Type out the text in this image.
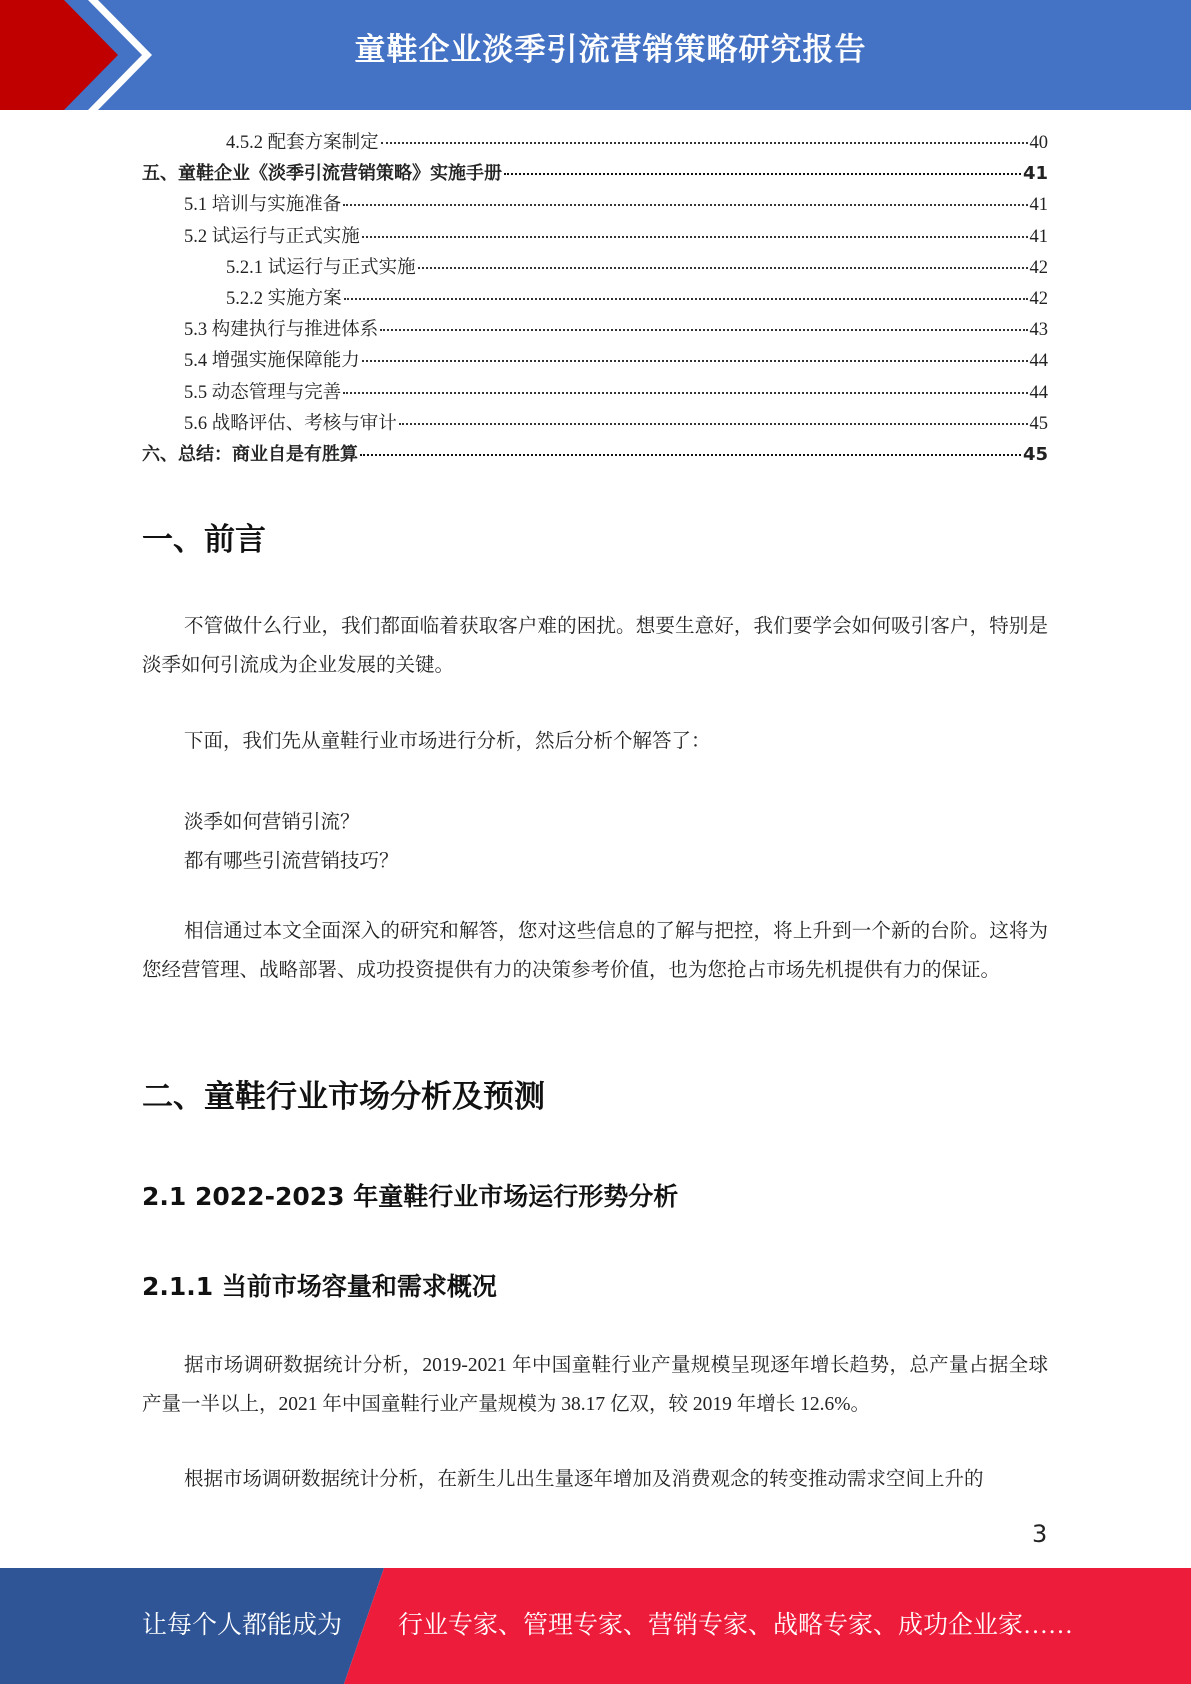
童鞋企业淡季引流营销策略研究报告
4.5.2 配套方案制定	40
五、童鞋企业《淡季引流营销策略》实施手册	41
5.1 培训与实施准备	41
5.2 试运行与正式实施	41
5.2.1 试运行与正式实施	42
5.2.2 实施方案	42
5.3 构建执行与推进体系	43
5.4 增强实施保障能力	44
5.5 动态管理与完善	44
5.6 战略评估、考核与审计	45
六、总结：商业自是有胜算	45
一、前言

不管做什么行业，我们都面临着获取客户难的困扰。想要生意好，我们要学会如何吸引客户，特别是淡季如何引流成为企业发展的关键。

下面，我们先从童鞋行业市场进行分析，然后分析个解答了：

淡季如何营销引流？

都有哪些引流营销技巧？

相信通过本文全面深入的研究和解答，您对这些信息的了解与把控，将上升到一个新的台阶。这将为您经营管理、战略部署、成功投资提供有力的决策参考价值，也为您抢占市场先机提供有力的保证。

二、童鞋行业市场分析及预测
2.1 2022-2023 年童鞋行业市场运行形势分析
2.1.1 当前市场容量和需求概况

据市场调研数据统计分析，2019-2021 年中国童鞋行业产量规模呈现逐年增长趋势，总产量占据全球产量一半以上，2021 年中国童鞋行业产量规模为 38.17 亿双，较 2019 年增长 12.6%。

根据市场调研数据统计分析，在新生儿出生量逐年增加及消费观念的转变推动需求空间上升的

3
让每个人都能成为 行业专家、管理专家、营销专家、战略专家、成功企业家……
